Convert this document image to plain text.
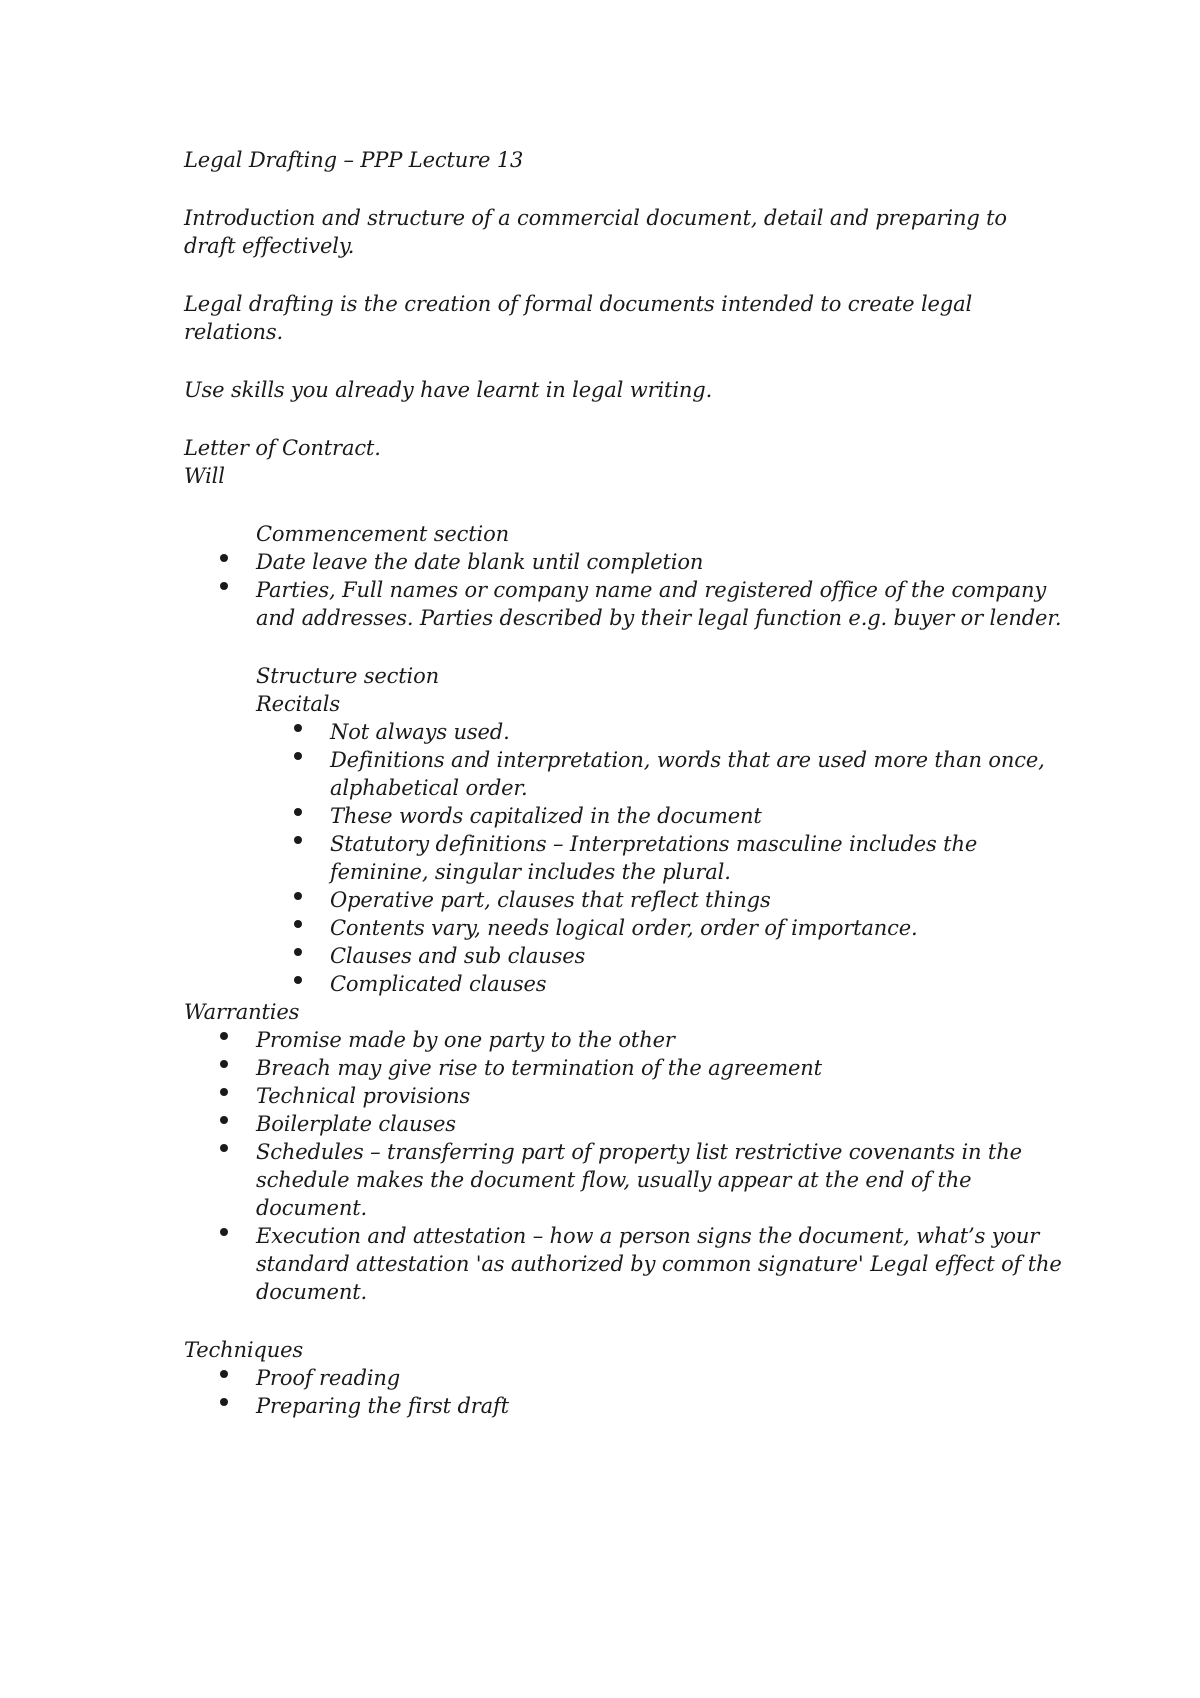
Legal Drafting – PPP Lecture 13
Introduction and structure of a commercial document, detail and preparing to
draft effectively.
Legal drafting is the creation of formal documents intended to create legal
relations.
Use skills you already have learnt in legal writing.
Letter of Contract.
Will
Commencement section
Date leave the date blank until completion
Parties, Full names or company name and registered office of the company
and addresses. Parties described by their legal function e.g. buyer or lender.
Structure section
Recitals
Not always used.
Definitions and interpretation, words that are used more than once,
alphabetical order.
These words capitalized in the document
Statutory definitions – Interpretations masculine includes the
feminine, singular includes the plural.
Operative part, clauses that reflect things
Contents vary, needs logical order, order of importance.
Clauses and sub clauses
Complicated clauses
Warranties
Promise made by one party to the other
Breach may give rise to termination of the agreement
Technical provisions
Boilerplate clauses
Schedules – transferring part of property list restrictive covenants in the
schedule makes the document flow, usually appear at the end of the
document.
Execution and attestation – how a person signs the document, what’s your
standard attestation 'as authorized by common signature' Legal effect of the
document.
Techniques
Proof reading
Preparing the first draft
